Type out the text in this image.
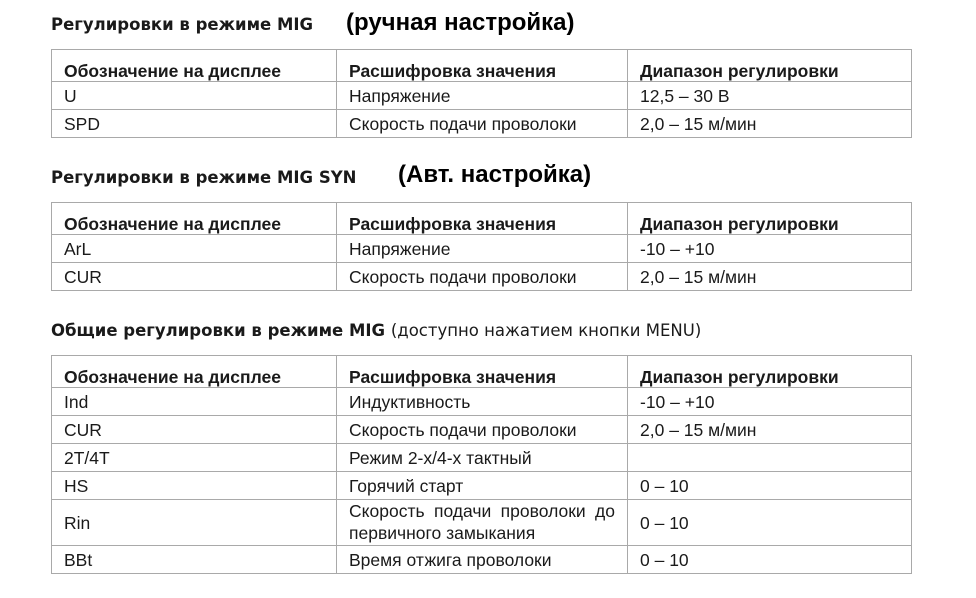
Регулировки в режиме MIG (ручная настройка)
Обозначение на дисплее	Расшифровка значения	Диапазон регулировки
U	Напряжение	12,5 – 30 В
SPD	Скорость подачи проволоки	2,0 – 15 м/мин
Регулировки в режиме MIG SYN (Авт. настройка)
Обозначение на дисплее	Расшифровка значения	Диапазон регулировки
ArL	Напряжение	-10 – +10
CUR	Скорость подачи проволоки	2,0 – 15 м/мин
Общие регулировки в режиме MIG (доступно нажатием кнопки MENU)
Обозначение на дисплее	Расшифровка значения	Диапазон регулировки
Ind	Индуктивность	-10 – +10
CUR	Скорость подачи проволоки	2,0 – 15 м/мин
2T/4T	Режим 2-х/4-х тактный	
HS	Горячий старт	0 – 10
Rin	Скорость подачи проволоки до первичного замыкания	0 – 10
BBt	Время отжига проволоки	0 – 10
